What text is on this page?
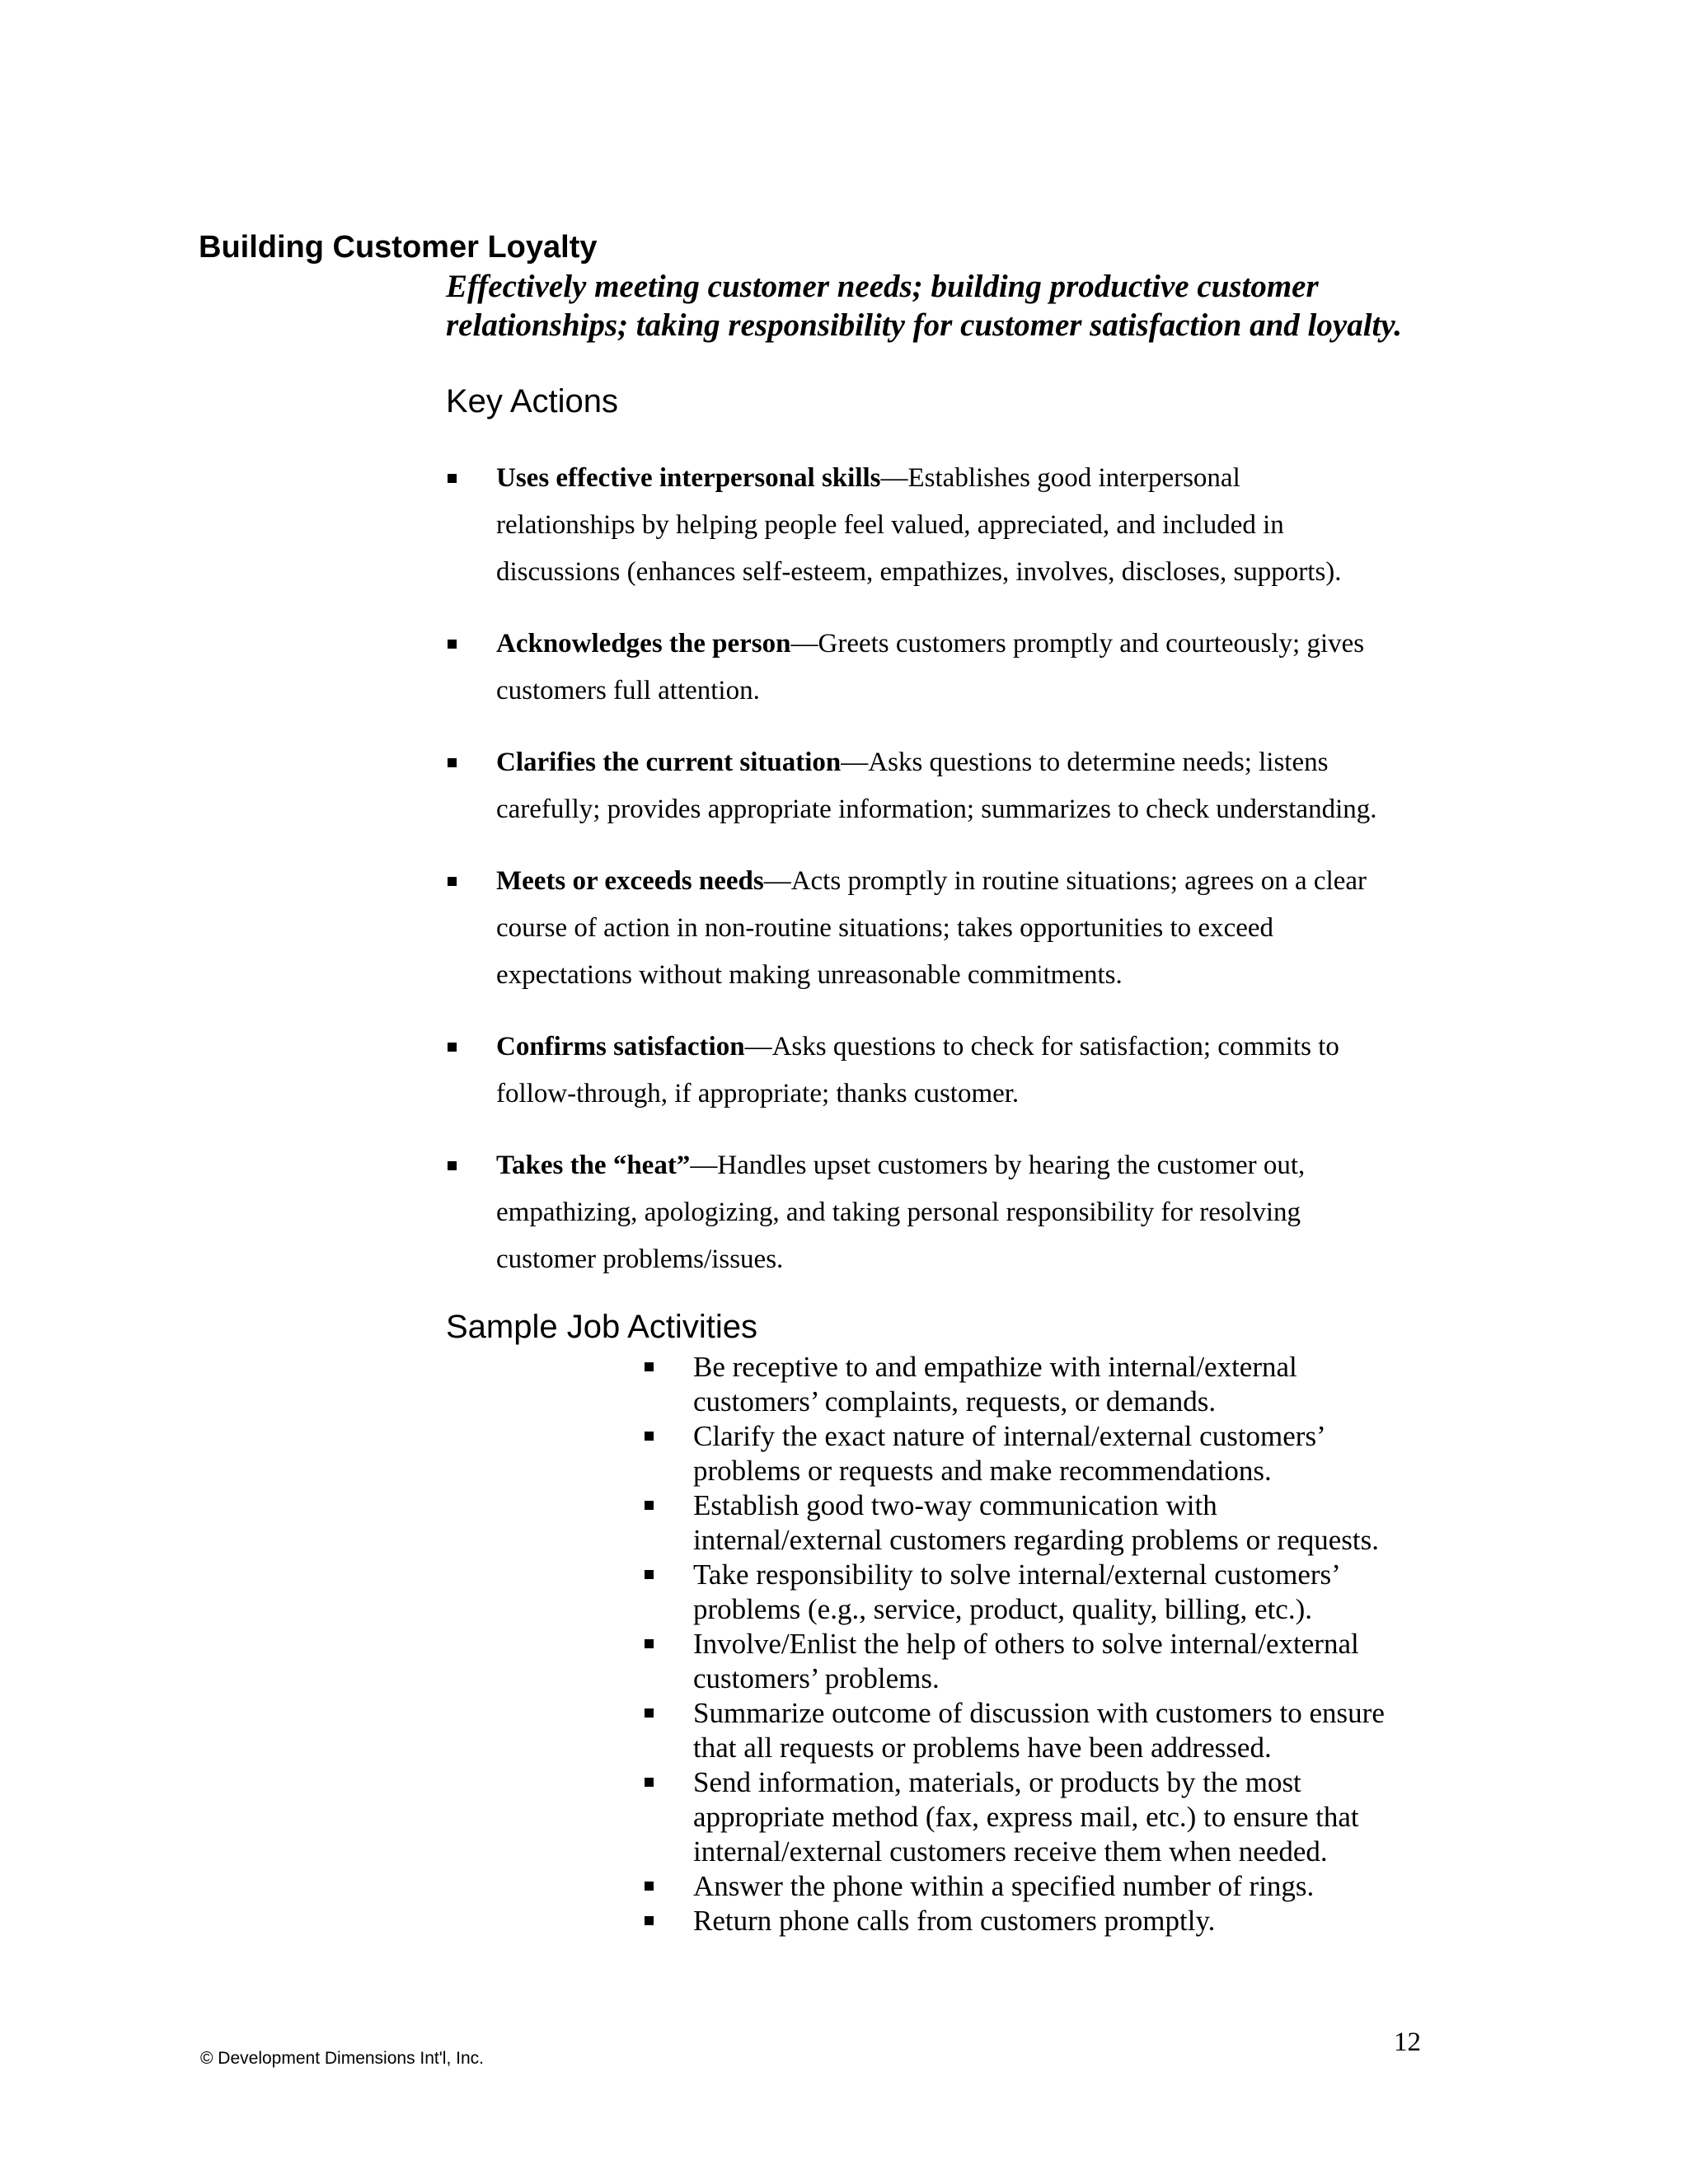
Building Customer Loyalty

Effectively meeting customer needs; building productive customer
relationships; taking responsibility for customer satisfaction and loyalty.

Key Actions
Uses effective interpersonal skills—Establishes good interpersonal
relationships by helping people feel valued, appreciated, and included in
discussions (enhances self-esteem, empathizes, involves, discloses, supports).
Acknowledges the person—Greets customers promptly and courteously; gives
customers full attention.
Clarifies the current situation—Asks questions to determine needs; listens
carefully; provides appropriate information; summarizes to check understanding.
Meets or exceeds needs—Acts promptly in routine situations; agrees on a clear
course of action in non-routine situations; takes opportunities to exceed
expectations without making unreasonable commitments.
Confirms satisfaction—Asks questions to check for satisfaction; commits to
follow-through, if appropriate; thanks customer.
Takes the “heat”—Handles upset customers by hearing the customer out,
empathizing, apologizing, and taking personal responsibility for resolving
customer problems/issues.
Sample Job Activities
Be receptive to and empathize with internal/external
customers’ complaints, requests, or demands.
Clarify the exact nature of internal/external customers’
problems or requests and make recommendations.
Establish good two-way communication with
internal/external customers regarding problems or requests.
Take responsibility to solve internal/external customers’
problems (e.g., service, product, quality, billing, etc.).
Involve/Enlist the help of others to solve internal/external
customers’ problems.
Summarize outcome of discussion with customers to ensure
that all requests or problems have been addressed.
Send information, materials, or products by the most
appropriate method (fax, express mail, etc.) to ensure that
internal/external customers receive them when needed.
Answer the phone within a specified number of rings.
Return phone calls from customers promptly.
© Development Dimensions Int'l, Inc.
12
